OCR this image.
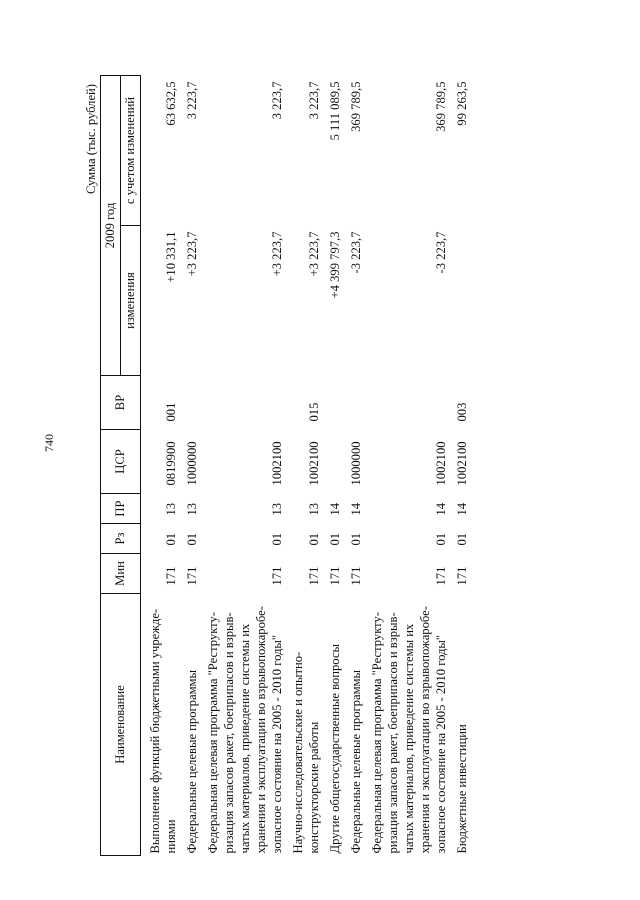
740
Сумма (тыс. рублей)
Наименование	Мин	Рз	ПР	ЦСР	ВР	2009 год	
						изменения	с учетом изменений
Выполнение функций бюджетными учрежде-ниями	171	01	13	0819900	001	+10 331,1	63 632,5
Федеральные целевые программы	171	01	13	1000000		+3 223,7	3 223,7
Федеральная целевая программа "Реструкту-ризация запасов ракет, боеприпасов и взрыв-чатых материалов, приведение системы их хранения и эксплуатации во взрывопожаробе-зопасное состояние на 2005 - 2010 годы"	171	01	13	1002100		+3 223,7	3 223,7
Научно-исследовательские и опытно-конструкторские работы	171	01	13	1002100	015	+3 223,7	3 223,7
Другие общегосударственные вопросы	171	01	14			+4 399 797,3	5 111 089,5
Федеральные целевые программы	171	01	14	1000000		-3 223,7	369 789,5
Федеральная целевая программа "Реструкту-ризация запасов ракет, боеприпасов и взрыв-чатых материалов, приведение системы их хранения и эксплуатации во взрывопожаробе-зопасное состояние на 2005 - 2010 годы"	171	01	14	1002100		-3 223,7	369 789,5
Бюджетные инвестиции	171	01	14	1002100	003		99 263,5
